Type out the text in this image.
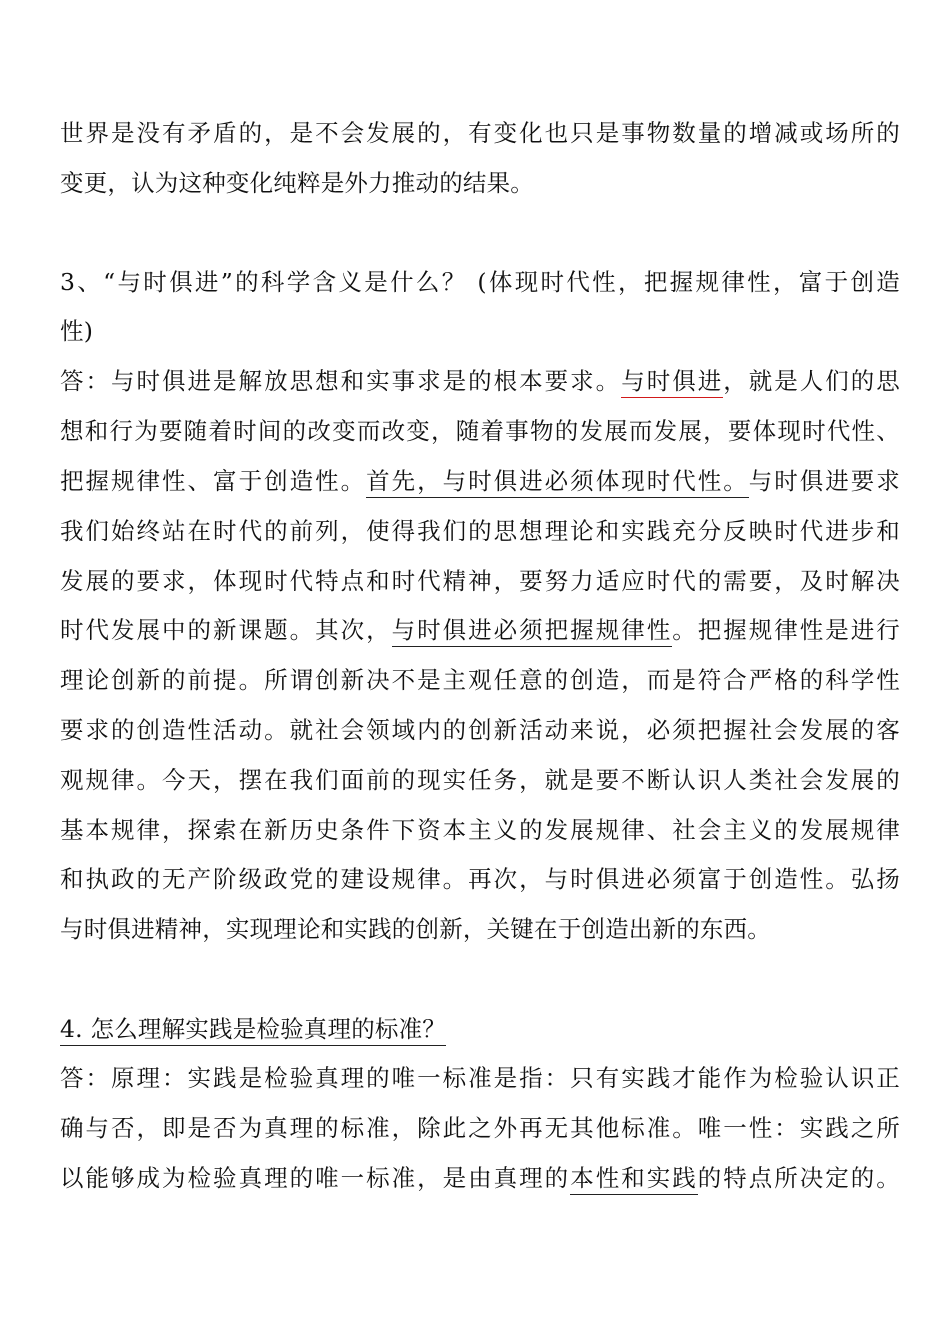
世界是没有矛盾的，是不会发展的，有变化也只是事物数量的增减或场所的
变更，认为这种变化纯粹是外力推动的结果。
3、“与时俱进”的科学含义是什么？ (体现时代性，把握规律性，富于创造
性)
答：与时俱进是解放思想和实事求是的根本要求。与时俱进，就是人们的思
想和行为要随着时间的改变而改变，随着事物的发展而发展，要体现时代性、
把握规律性、富于创造性。首先，与时俱进必须体现时代性。与时俱进要求
我们始终站在时代的前列，使得我们的思想理论和实践充分反映时代进步和
发展的要求，体现时代特点和时代精神，要努力适应时代的需要，及时解决
时代发展中的新课题。其次，与时俱进必须把握规律性。把握规律性是进行
理论创新的前提。所谓创新决不是主观任意的创造，而是符合严格的科学性
要求的创造性活动。就社会领域内的创新活动来说，必须把握社会发展的客
观规律。今天，摆在我们面前的现实任务，就是要不断认识人类社会发展的
基本规律，探索在新历史条件下资本主义的发展规律、社会主义的发展规律
和执政的无产阶级政党的建设规律。再次，与时俱进必须富于创造性。弘扬
与时俱进精神，实现理论和实践的创新，关键在于创造出新的东西。
4. 怎么理解实践是检验真理的标准？
答：原理：实践是检验真理的唯一标准是指：只有实践才能作为检验认识正
确与否，即是否为真理的标准，除此之外再无其他标准。唯一性：实践之所
以能够成为检验真理的唯一标准，是由真理的本性和实践的特点所决定的。
